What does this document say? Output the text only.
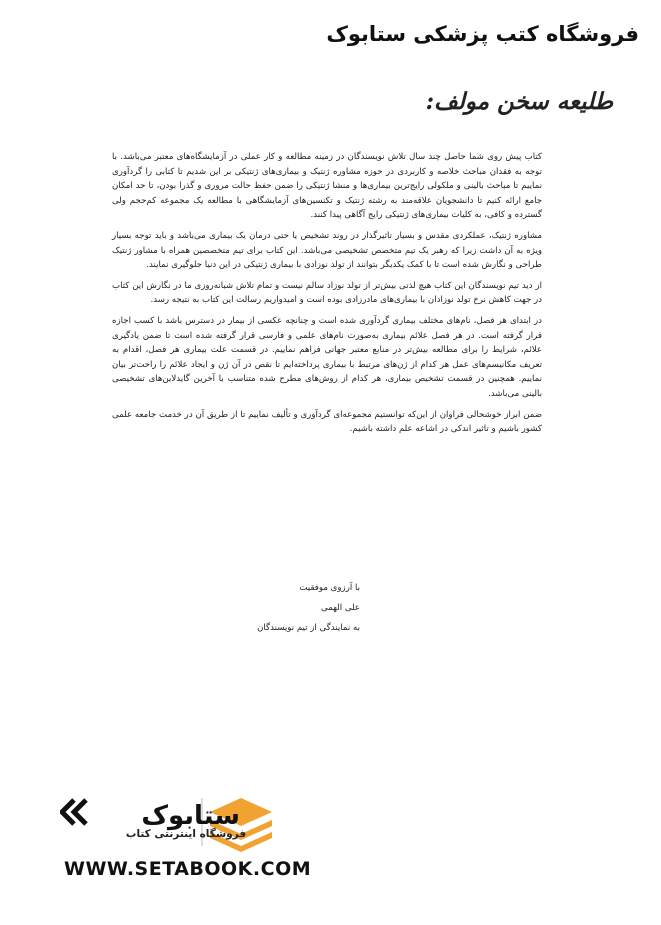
فروشگاه کتب پزشکی ستابوک
طلیعه سخن مولف:

کتاب پیش روی شما حاصل چند سال تلاش نویسندگان در زمینه مطالعه و کار عملی در آزمایشگاه‌های معتبر می‌باشد. با توجه به فقدان مباحث خلاصه و کاربردی در حوزه مشاوره ژنتیک و بیماری‌های ژنتیکی بر این شدیم تا کتابی را گردآوری نماییم تا مباحث بالینی و ملکولی رایج‌ترین بیماری‌ها و منشا ژنتیکی را ضمن حفظ حالت مروری و گذرا بودن، تا حد امکان جامع ارائه کنیم تا دانشجویان علاقه‌مند به رشته ژنتیک و تکنسین‌های آزمایشگاهی با مطالعه یک مجموعه کم‌حجم ولی گسترده و کافی، به کلیات بیماری‌های ژنتیکی رایج آگاهی پیدا کنند.

مشاوره ژنتیک، عملکردی مقدس و بسیار تاثیرگذار در روند تشخیص یا حتی درمان یک بیماری می‌باشد و باید توجه بسیار ویژه به آن داشت زیرا که رهبر یک تیم متخصص تشخیصی می‌باشد. این کتاب برای تیم متخصصین همراه با مشاور ژنتیک طراحی و نگارش شده است تا با کمک یکدیگر بتوانند از تولد نوزادی با بیماری ژنتیکی در این دنیا جلوگیری نمایند.

از دید تیم نویسندگان این کتاب هیچ لذتی بیش‌تر از تولد نوزاد سالم نیست و تمام تلاش شبانه‌روزی ما در نگارش این کتاب در جهت کاهش نرخ تولد نوزادان با بیماری‌های مادرزادی بوده است و امیدواریم رسالت این کتاب به نتیجه رسد.

در ابتدای هر فصل، نام‌های مختلف بیماری گردآوری شده است و چنانچه عکسی از بیمار در دسترس باشد با کسب اجازه قرار گرفته است. در هر فصل علائم بیماری به‌صورت نام‌های علمی و فارسی قرار گرفته شده است تا ضمن یادگیری علائم، شرایط را برای مطالعه بیش‌تر در منابع معتبر جهانی فراهم نماییم. در قسمت علت بیماری هر فصل، اقدام به تعریف مکانیسم‌های عمل هر کدام از ژن‌های مرتبط با بیماری پرداخته‌ایم تا نقص در آن ژن و ایجاد علائم را راحت‌تر بیان نماییم. همچنین در قسمت تشخیص بیماری، هر کدام از روش‌های مطرح شده متناسب با آخرین گایدلاین‌های تشخیصی بالینی می‌باشد.

ضمن ابراز خوشحالی فراوان از این‌که توانستیم مجموعه‌ای گردآوری و تألیف نماییم تا از طریق آن در خدمت جامعه علمی کشور باشیم و تاثیر اندکی در اشاعه علم داشته باشیم.

با آرزوی موفقیت
علی الهمی
به نمایندگی از تیم نویسندگان
ستابوک
فروشگاه اینترنتی کتاب
WWW.SETABOOK.COM
